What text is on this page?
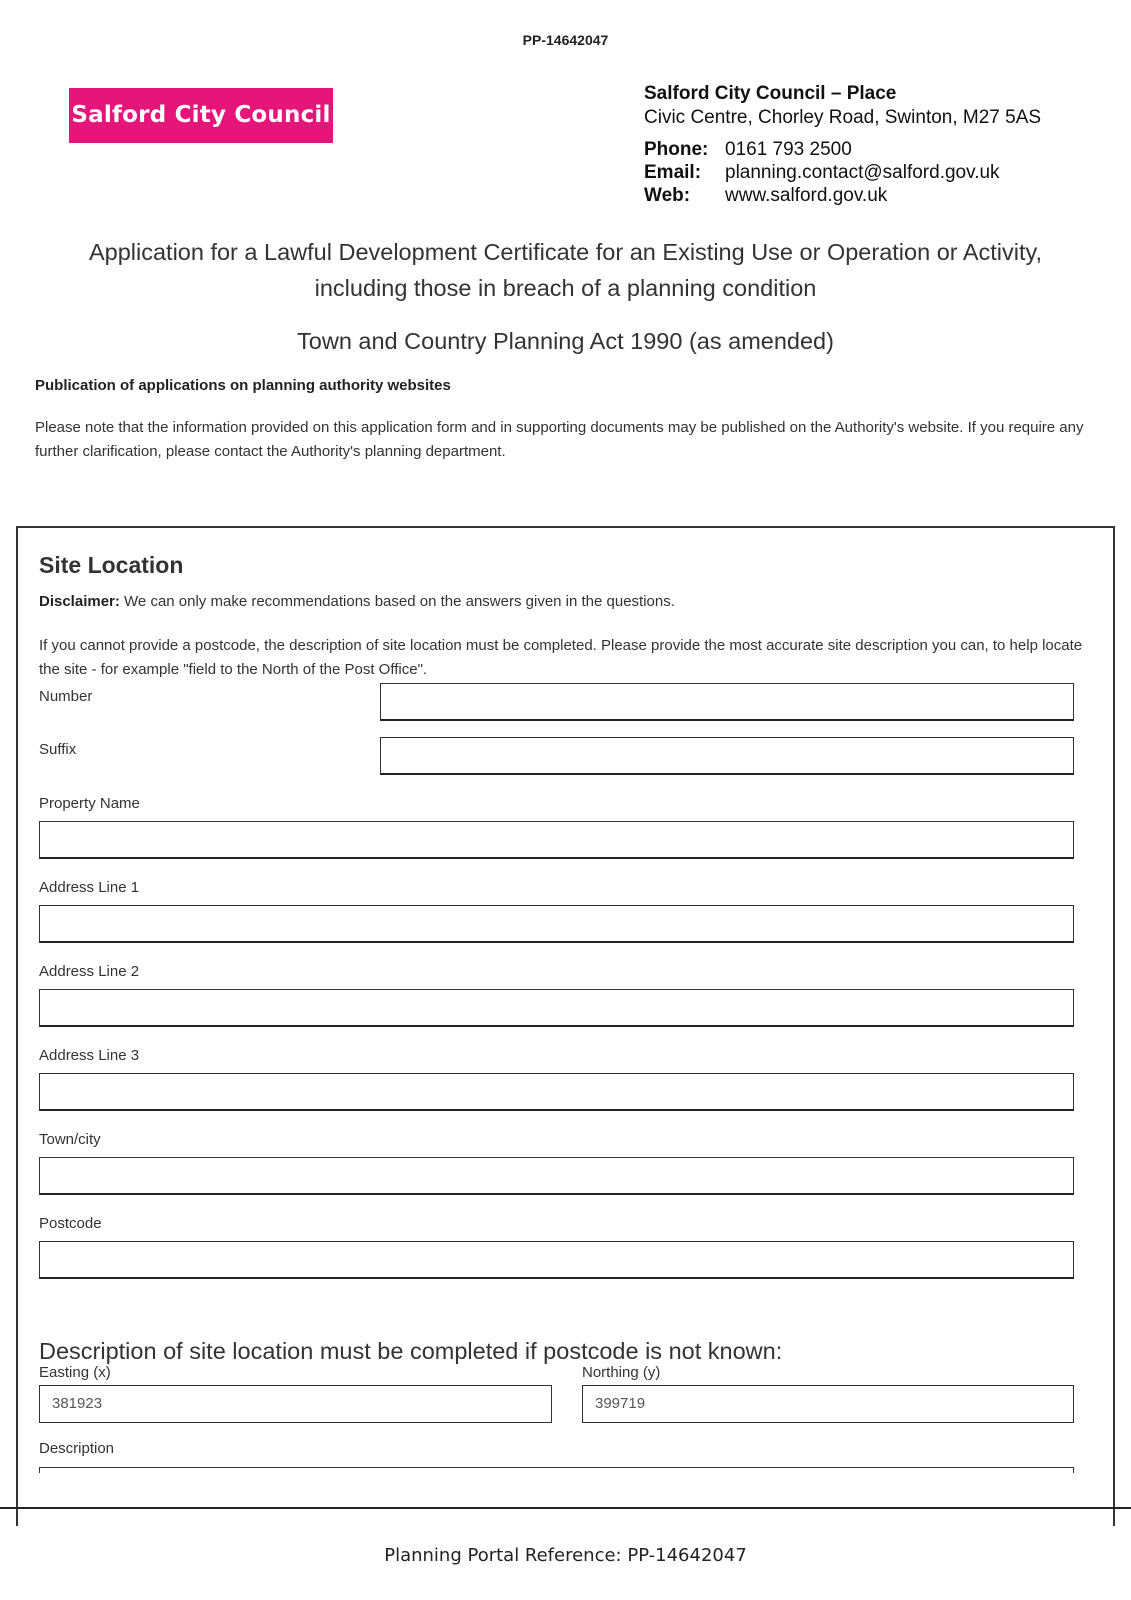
PP-14642047
Salford City Council
Salford City Council – Place
Civic Centre, Chorley Road, Swinton, M27 5AS
Phone: 0161 793 2500
Email:	planning.contact@salford.gov.uk
Web:	www.salford.gov.uk
Application for a Lawful Development Certificate for an Existing Use or Operation or Activity,
including those in breach of a planning condition
Town and Country Planning Act 1990 (as amended)
Publication of applications on planning authority websites
Please note that the information provided on this application form and in supporting documents may be published on the Authority's website. If you require any further clarification, please contact the Authority's planning department.
Site Location
Disclaimer: We can only make recommendations based on the answers given in the questions.
If you cannot provide a postcode, the description of site location must be completed. Please provide the most accurate site description you can, to help locate the site - for example "field to the North of the Post Office".
Number
Suffix
Property Name
Address Line 1
Address Line 2
Address Line 3
Town/city
Postcode
Description of site location must be completed if postcode is not known:
Easting (x)
381923
Northing (y)
399719
Description
Planning Portal Reference: PP-14642047
